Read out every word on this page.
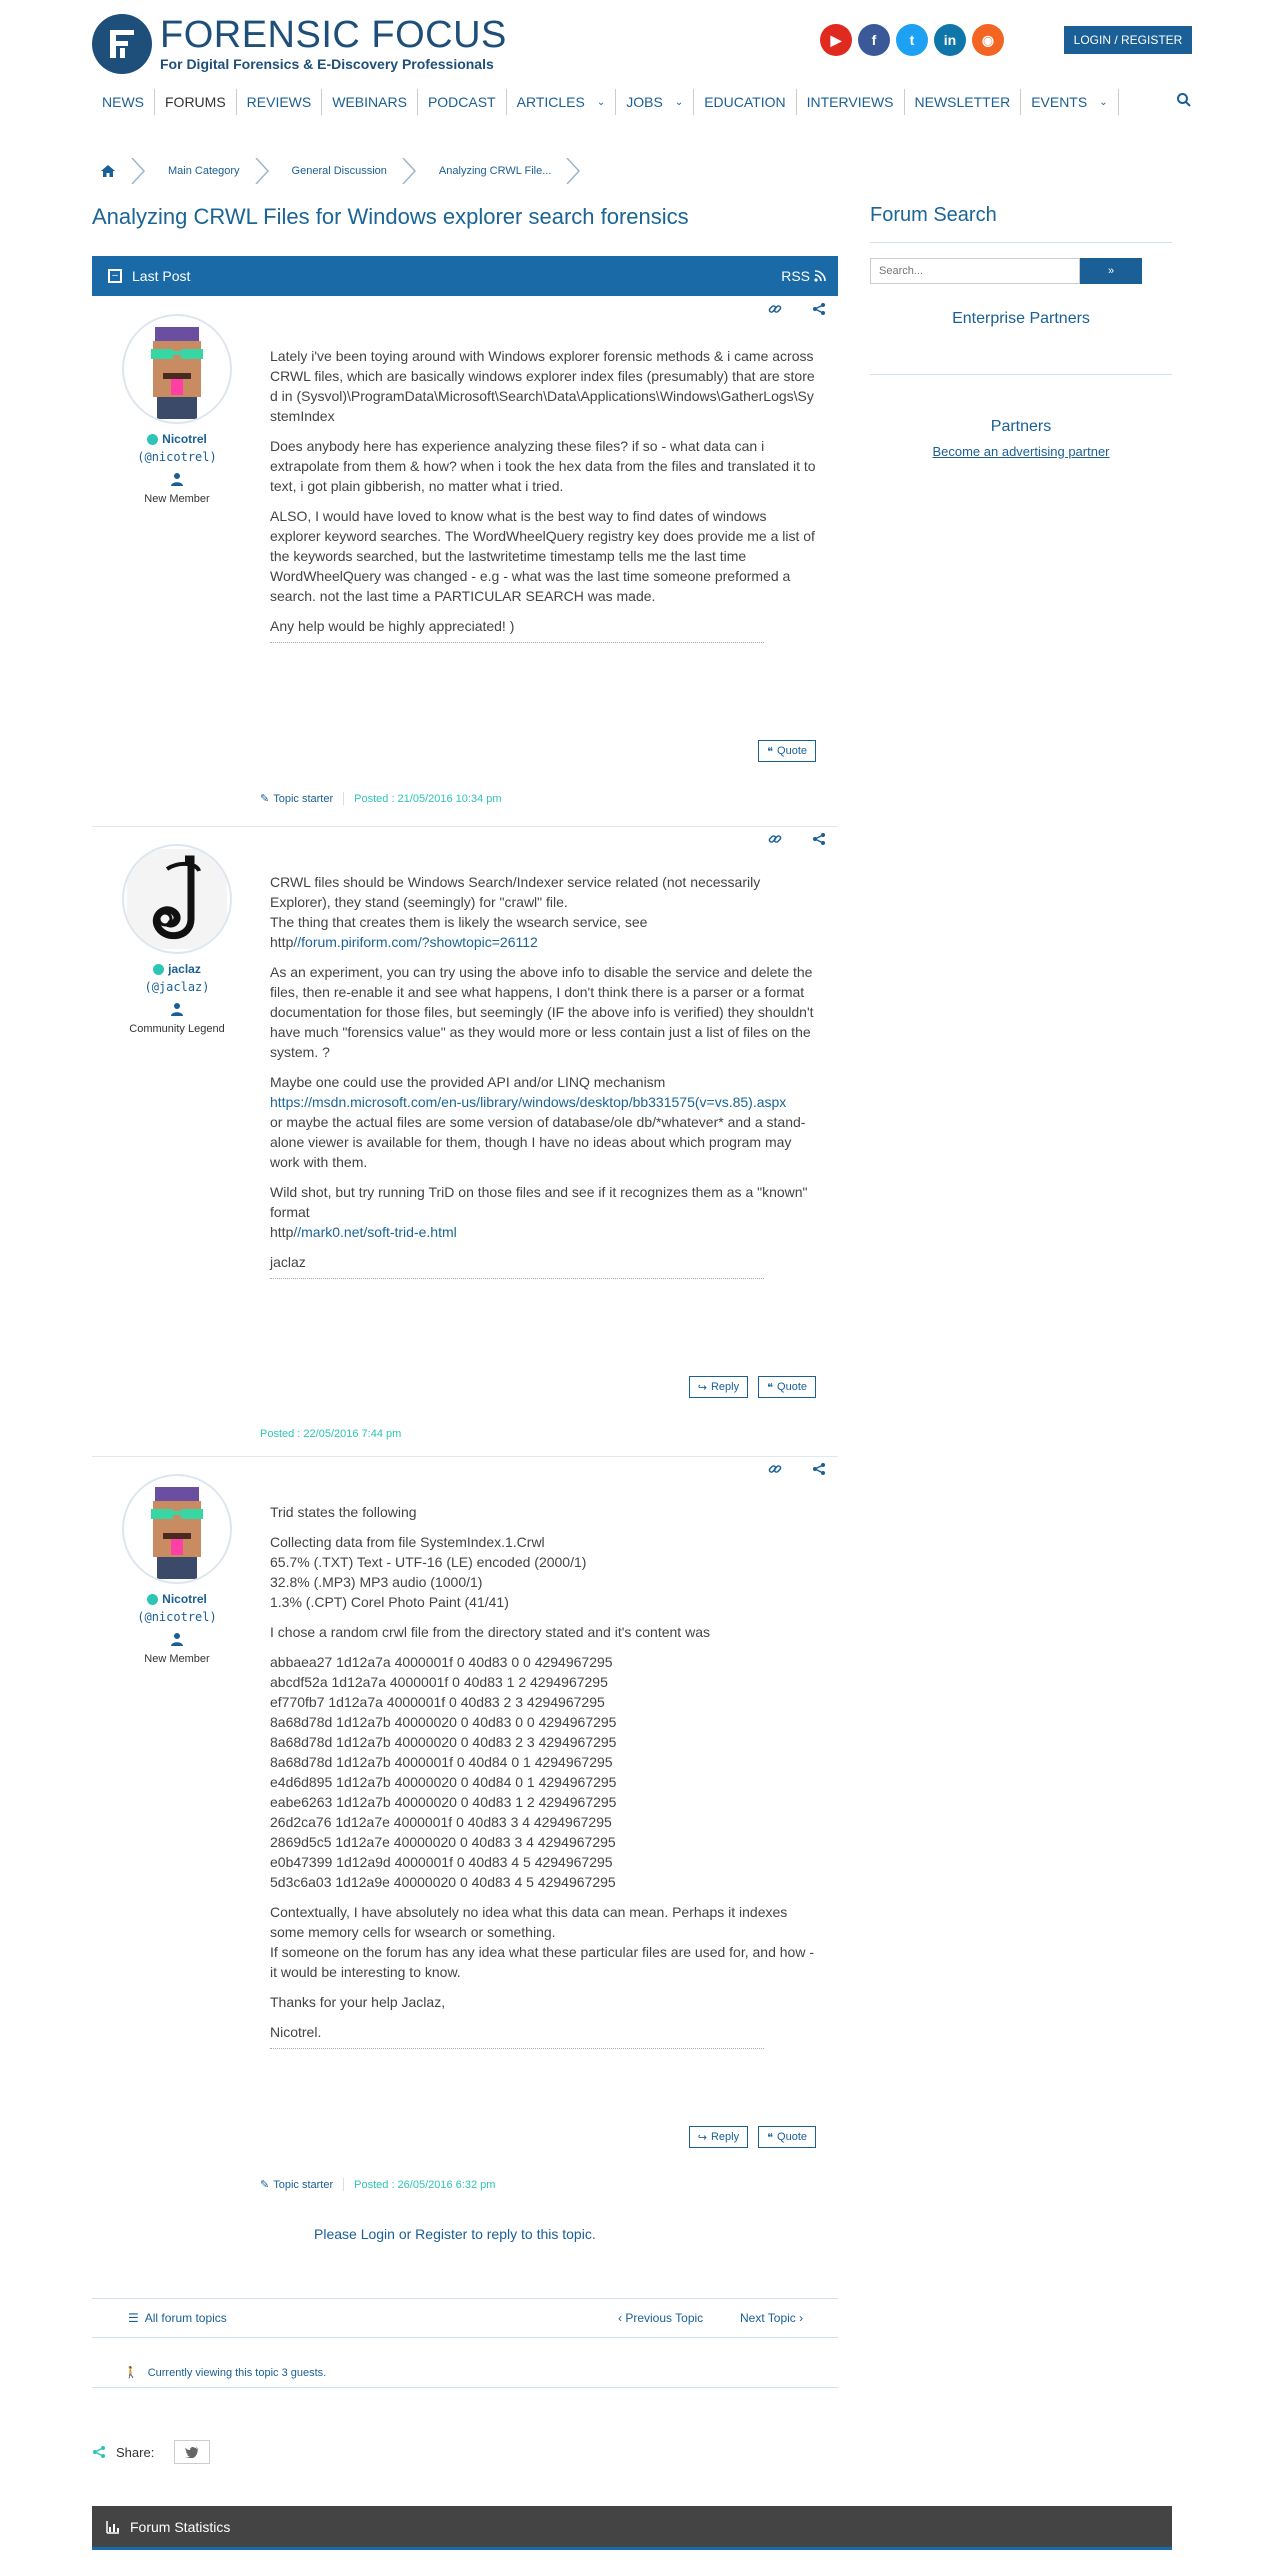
FORENSIC FOCUS
For Digital Forensics & E-Discovery Professionals
▶	f	t	in	◉	LOGIN / REGISTER
NEWS	FORUMS	REVIEWS	WEBINARS	PODCAST	ARTICLES ⌄ JOBS ⌄	EDUCATION	INTERVIEWS	NEWSLETTER	EVENTS ⌄
Main Category	General Discussion	Analyzing CRWL File...
Analyzing CRWL Files for Windows explorer search forensics
–	Last Post	RSS
Nicotrel
(@nicotrel)
New Member

Lately i've been toying around with Windows explorer forensic methods & i came across CRWL files, which are basically windows explorer index files (presumably) that are stored in (Sysvol)\ProgramData\Microsoft\Search\Data\Applications\Windows\GatherLogs\SystemIndex

Does anybody here has experience analyzing these files? if so - what data can i extrapolate from them & how? when i took the hex data from the files and translated it to text, i got plain gibberish, no matter what i tried.

ALSO, I would have loved to know what is the best way to find dates of windows explorer keyword searches. The WordWheelQuery registry key does provide me a list of the keywords searched, but the lastwritetime timestamp tells me the last time WordWheelQuery was changed - e.g - what was the last time someone preformed a search. not the last time a PARTICULAR SEARCH was made.

Any help would be highly appreciated! )

❝ Quote
✎ Topic starter Posted : 21/05/2016 10:34 pm
jaclaz
(@jaclaz)
Community Legend

CRWL files should be Windows Search/Indexer service related (not necessarily Explorer), they stand (seemingly) for "crawl" file.
The thing that creates them is likely the wsearch service, see
http//forum.piriform.com/?showtopic=26112

As an experiment, you can try using the above info to disable the service and delete the files, then re-enable it and see what happens, I don't think there is a parser or a format documentation for those files, but seemingly (IF the above info is verified) they shouldn't have much "forensics value" as they would more or less contain just a list of files on the system. ?

Maybe one could use the provided API and/or LINQ mechanism
https://msdn.microsoft.com/en-us/library/windows/desktop/bb331575(v=vs.85).aspx
or maybe the actual files are some version of database/ole db/*whatever* and a stand-alone viewer is available for them, though I have no ideas about which program may work with them.

Wild shot, but try running TriD on those files and see if it recognizes them as a "known" format
http//mark0.net/soft-trid-e.html

jaclaz

↪ Reply	❝ Quote
Posted : 22/05/2016 7:44 pm
Nicotrel
(@nicotrel)
New Member

Trid states the following

Collecting data from file SystemIndex.1.Crwl
65.7% (.TXT) Text - UTF-16 (LE) encoded (2000/1)
32.8% (.MP3) MP3 audio (1000/1)
1.3% (.CPT) Corel Photo Paint (41/41)

I chose a random crwl file from the directory stated and it's content was

abbaea27 1d12a7a 4000001f 0 40d83 0 0 4294967295
abcdf52a 1d12a7a 4000001f 0 40d83 1 2 4294967295
ef770fb7 1d12a7a 4000001f 0 40d83 2 3 4294967295
8a68d78d 1d12a7b 40000020 0 40d83 0 0 4294967295
8a68d78d 1d12a7b 40000020 0 40d83 2 3 4294967295
8a68d78d 1d12a7b 4000001f 0 40d84 0 1 4294967295
e4d6d895 1d12a7b 40000020 0 40d84 0 1 4294967295
eabe6263 1d12a7b 40000020 0 40d83 1 2 4294967295
26d2ca76 1d12a7e 4000001f 0 40d83 3 4 4294967295
2869d5c5 1d12a7e 40000020 0 40d83 3 4 4294967295
e0b47399 1d12a9d 4000001f 0 40d83 4 5 4294967295
5d3c6a03 1d12a9e 40000020 0 40d83 4 5 4294967295

Contextually, I have absolutely no idea what this data can mean. Perhaps it indexes some memory cells for wsearch or something.
If someone on the forum has any idea what these particular files are used for, and how - it would be interesting to know.

Thanks for your help Jaclaz,

Nicotrel.

↪ Reply	❝ Quote
✎ Topic starter Posted : 26/05/2016 6:32 pm
Please Login or Register to reply to this topic.
☰ All forum topics	‹ Previous Topic	Next Topic ›
🚶 Currently viewing this topic 3 guests.
Share:
Forum Statistics
Forum Search
Search...
»
Enterprise Partners
Partners
Become an advertising partner
